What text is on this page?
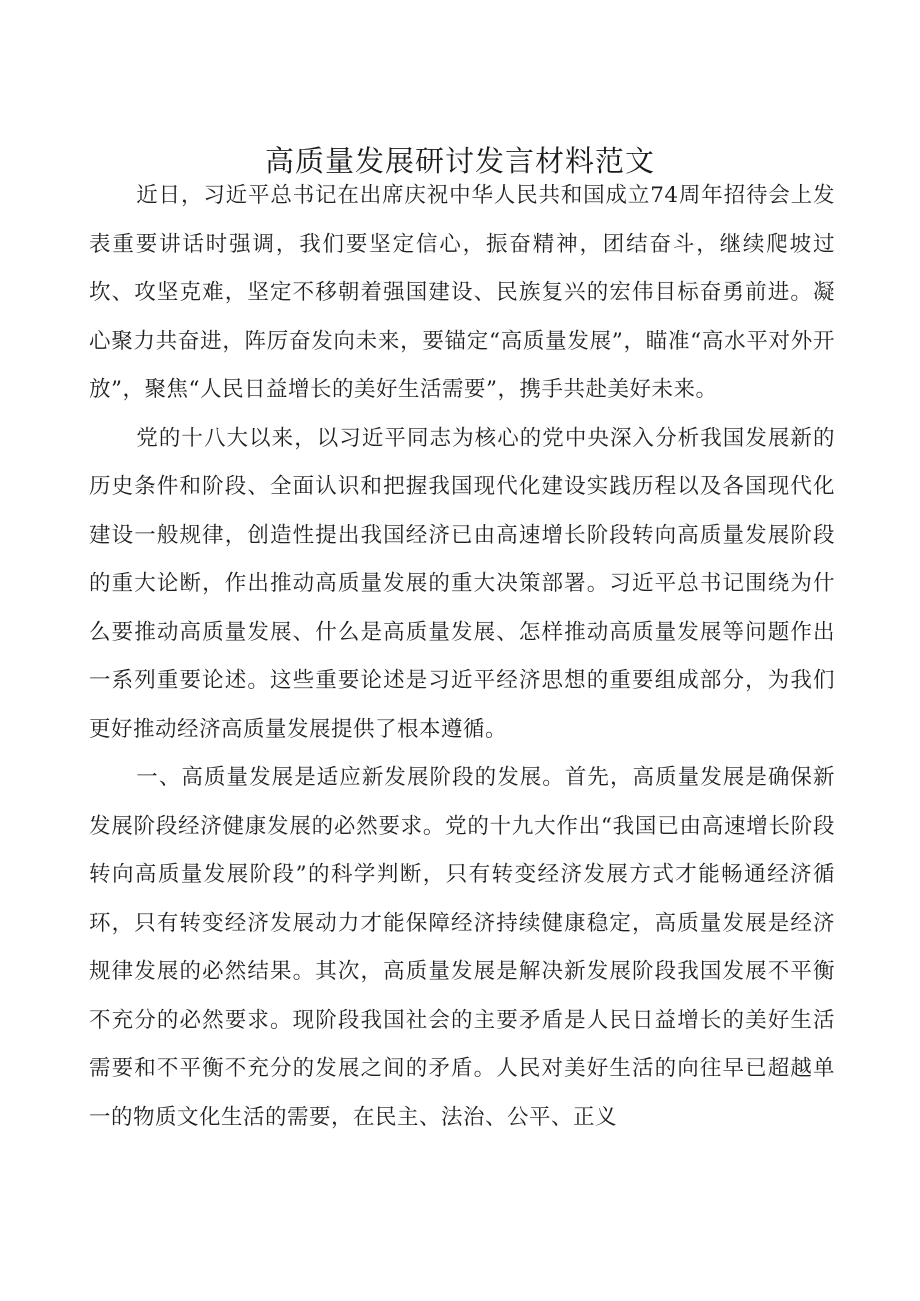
高质量发展研讨发言材料范文

近日，习近平总书记在出席庆祝中华人民共和国成立74周年招待会上发表重要讲话时强调，我们要坚定信心，振奋精神，团结奋斗，继续爬坡过坎、攻坚克难，坚定不移朝着强国建设、民族复兴的宏伟目标奋勇前进。凝心聚力共奋进，阵厉奋发向未来，要锚定“高质量发展”，瞄准“高水平对外开放”，聚焦“人民日益增长的美好生活需要”，携手共赴美好未来。

党的十八大以来，以习近平同志为核心的党中央深入分析我国发展新的历史条件和阶段、全面认识和把握我国现代化建设实践历程以及各国现代化建设一般规律，创造性提出我国经济已由高速增长阶段转向高质量发展阶段的重大论断，作出推动高质量发展的重大决策部署。习近平总书记围绕为什么要推动高质量发展、什么是高质量发展、怎样推动高质量发展等问题作出一系列重要论述。这些重要论述是习近平经济思想的重要组成部分，为我们更好推动经济高质量发展提供了根本遵循。

一、高质量发展是适应新发展阶段的发展。首先，高质量发展是确保新发展阶段经济健康发展的必然要求。党的十九大作出“我国已由高速增长阶段转向高质量发展阶段”的科学判断，只有转变经济发展方式才能畅通经济循环，只有转变经济发展动力才能保障经济持续健康稳定，高质量发展是经济规律发展的必然结果。其次，高质量发展是解决新发展阶段我国发展不平衡不充分的必然要求。现阶段我国社会的主要矛盾是人民日益增长的美好生活需要和不平衡不充分的发展之间的矛盾。人民对美好生活的向往早已超越单一的物质文化生活的需要，在民主、法治、公平、正义
